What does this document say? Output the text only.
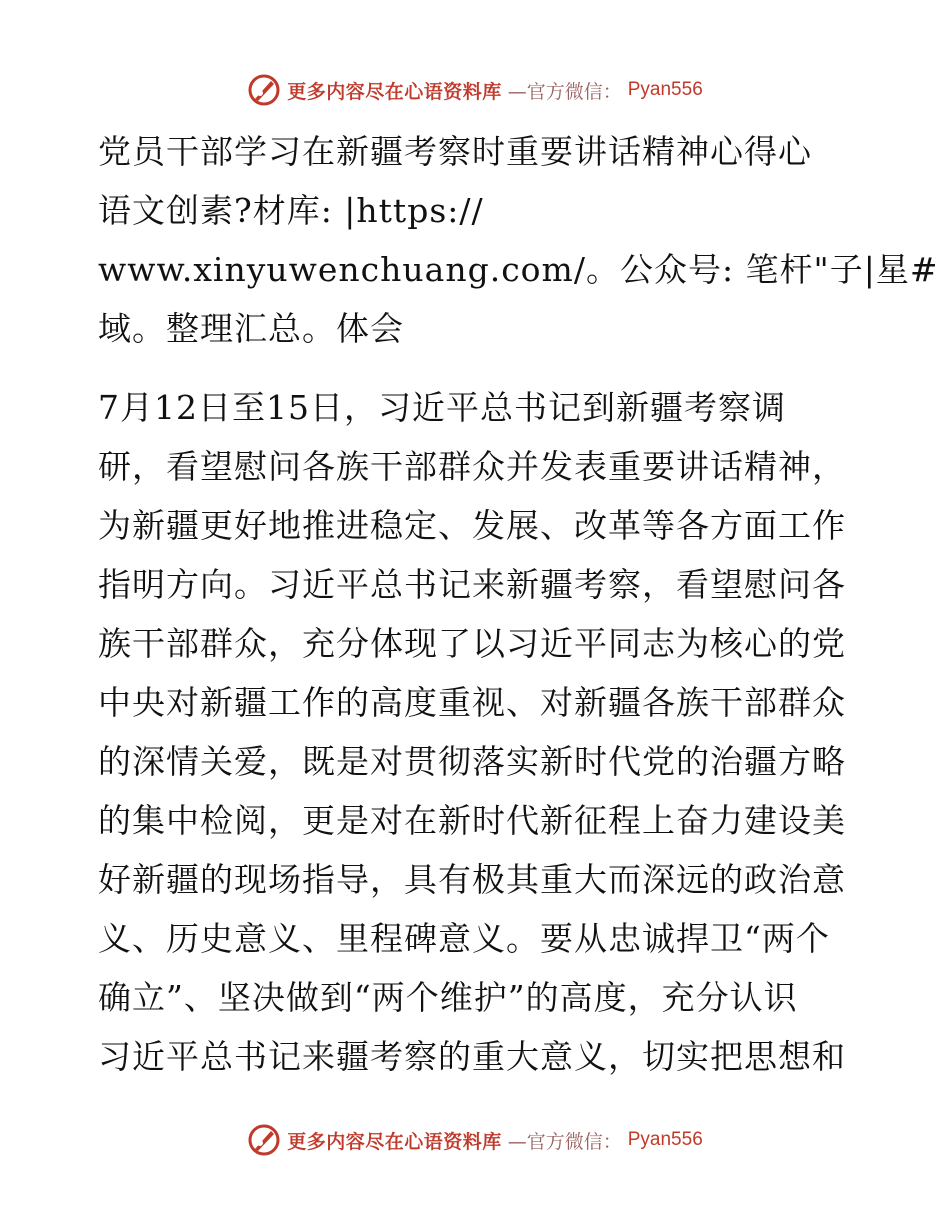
更多内容尽在心语资料库 —官方微信： Pyan556

党员干部学习在新疆考察时重要讲话精神心得心
语文创素?材库: |https://
www.xinyuwenchuang.com/。公众号: 笔杆"子|星#
域。整理汇总。体会

7月12日至15日，习近平总书记到新疆考察调
研，看望慰问各族干部群众并发表重要讲话精神，
为新疆更好地推进稳定、发展、改革等各方面工作
指明方向。习近平总书记来新疆考察，看望慰问各
族干部群众，充分体现了以习近平同志为核心的党
中央对新疆工作的高度重视、对新疆各族干部群众
的深情关爱，既是对贯彻落实新时代党的治疆方略
的集中检阅，更是对在新时代新征程上奋力建设美
好新疆的现场指导，具有极其重大而深远的政治意
义、历史意义、里程碑意义。要从忠诚捍卫“两个
确立”、坚决做到“两个维护”的高度，充分认识
习近平总书记来疆考察的重大意义，切实把思想和

更多内容尽在心语资料库 —官方微信： Pyan556
